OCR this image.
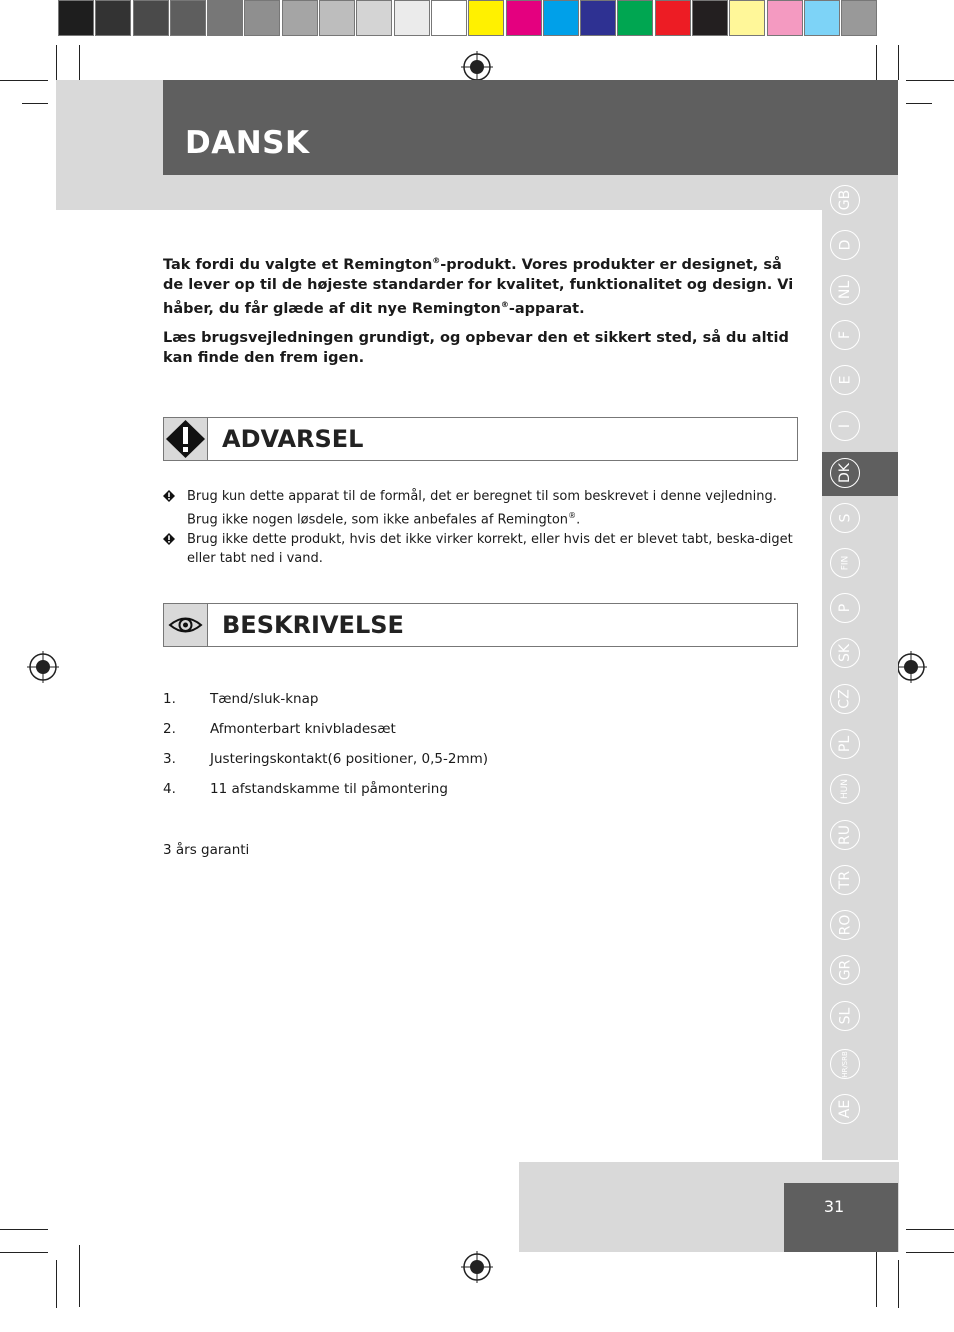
DANSK
GB
D
NL
F
E
I
DK
S
FIN
P
SK
CZ
PL
HUN
RU
TR
RO
GR
SL
HR/SRB
AE

Tak fordi du valgte et Remington®-produkt. Vores produkter er designet, så de lever op til de højeste standarder for kvalitet, funktionalitet og design. Vi håber, du får glæde af dit nye Remington®-apparat.

Læs brugsvejledningen grundigt, og opbevar den et sikkert sted, så du altid kan finde den frem igen.

ADVARSEL

Brug kun dette apparat til de formål, det er beregnet til som beskrevet i denne vejledning. Brug ikke nogen løsdele, som ikke anbefales af Remington®.

Brug ikke dette produkt, hvis det ikke virker korrekt, eller hvis det er blevet tabt, beska-diget eller tabt ned i vand.

BESKRIVELSE
1.	Tænd/sluk-knap
2.	Afmonterbart knivbladesæt
3.	Justeringskontakt(6 positioner, 0,5-2mm)
4.	11 afstandskamme til påmontering

3 års garanti

31
